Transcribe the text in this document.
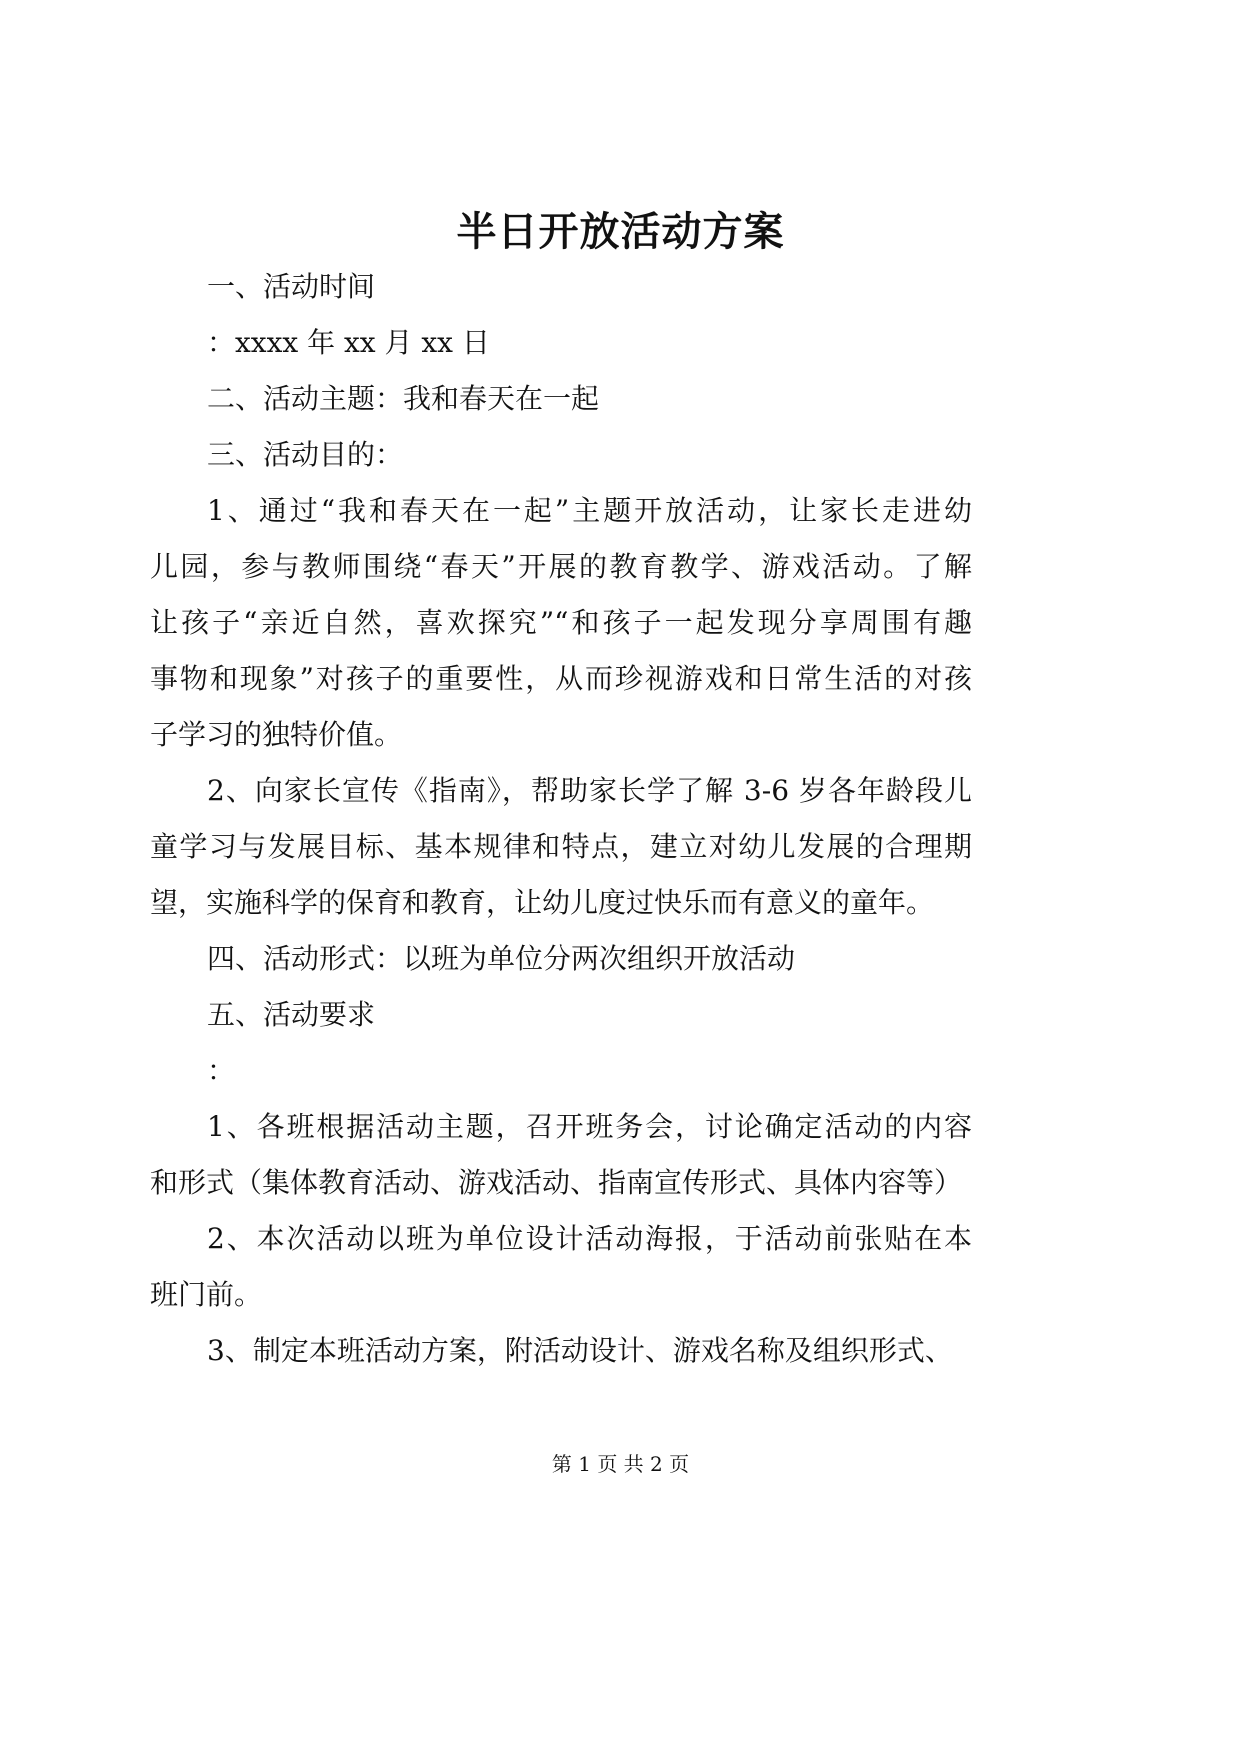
半日开放活动方案
一、活动时间
：xxxx 年 xx 月 xx 日
二、活动主题：我和春天在一起
三、活动目的：
1、通过“我和春天在一起”主题开放活动，让家长走进幼
儿园，参与教师围绕“春天”开展的教育教学、游戏活动。了解
让孩子“亲近自然，喜欢探究”“和孩子一起发现分享周围有趣
事物和现象”对孩子的重要性，从而珍视游戏和日常生活的对孩
子学习的独特价值。
2、向家长宣传《指南》，帮助家长学了解 3-6 岁各年龄段儿
童学习与发展目标、基本规律和特点，建立对幼儿发展的合理期
望，实施科学的保育和教育，让幼儿度过快乐而有意义的童年。
四、活动形式：以班为单位分两次组织开放活动
五、活动要求
：
1、各班根据活动主题，召开班务会，讨论确定活动的内容
和形式（集体教育活动、游戏活动、指南宣传形式、具体内容等）
2、本次活动以班为单位设计活动海报，于活动前张贴在本
班门前。
3、制定本班活动方案，附活动设计、游戏名称及组织形式、
第 1 页 共 2 页
